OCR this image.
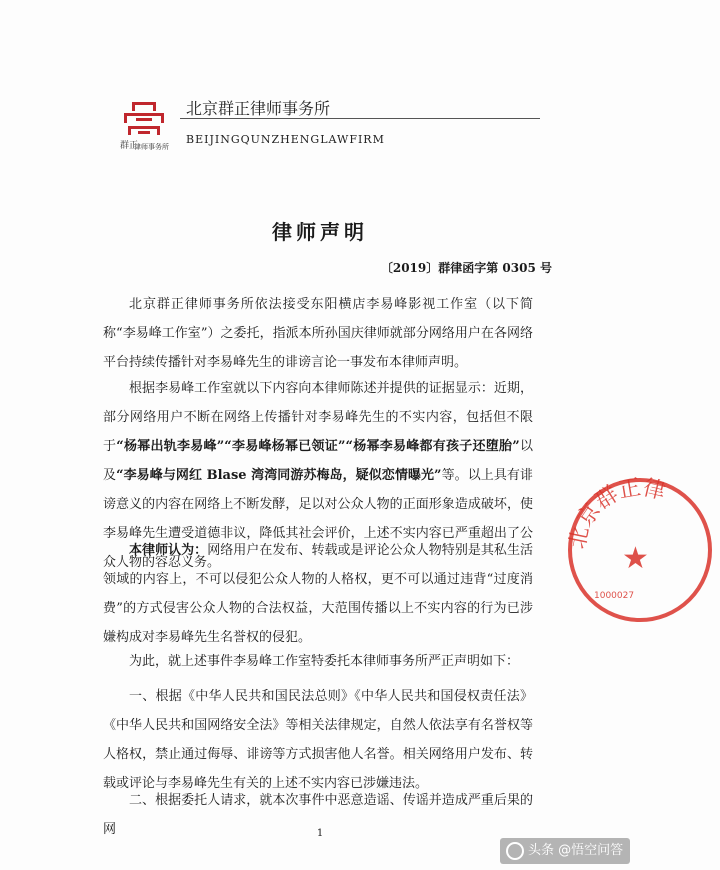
群正
律师事务所
北京群正律师事务所
BEIJINGQUNZHENGLAWFIRM
律师声明
〔2019〕群律函字第 0305 号

北京群正律师事务所依法接受东阳横店李易峰影视工作室（以下简称“李易峰工作室”）之委托，指派本所孙国庆律师就部分网络用户在各网络平台持续传播针对李易峰先生的诽谤言论一事发布本律师声明。

根据李易峰工作室就以下内容向本律师陈述并提供的证据显示：近期，部分网络用户不断在网络上传播针对李易峰先生的不实内容，包括但不限于“杨幂出轨李易峰”“李易峰杨幂已领证”“杨幂李易峰都有孩子还堕胎”以及“李易峰与网红 Blase 湾湾同游苏梅岛，疑似恋情曝光”等。以上具有诽谤意义的内容在网络上不断发酵，足以对公众人物的正面形象造成破坏，使李易峰先生遭受道德非议，降低其社会评价，上述不实内容已严重超出了公众人物的容忍义务。

本律师认为：网络用户在发布、转载或是评论公众人物特别是其私生活领域的内容上，不可以侵犯公众人物的人格权，更不可以通过违背“过度消费”的方式侵害公众人物的合法权益，大范围传播以上不实内容的行为已涉嫌构成对李易峰先生名誉权的侵犯。

为此，就上述事件李易峰工作室特委托本律师事务所严正声明如下：

一、根据《中华人民共和国民法总则》《中华人民共和国侵权责任法》《中华人民共和国网络安全法》等相关法律规定，自然人依法享有名誉权等人格权，禁止通过侮辱、诽谤等方式损害他人名誉。相关网络用户发布、转载或评论与李易峰先生有关的上述不实内容已涉嫌违法。

二、根据委托人请求，就本次事件中恶意造谣、传谣并造成严重后果的网	1
北京群正律
★
1000027
头条 @悟空问答
